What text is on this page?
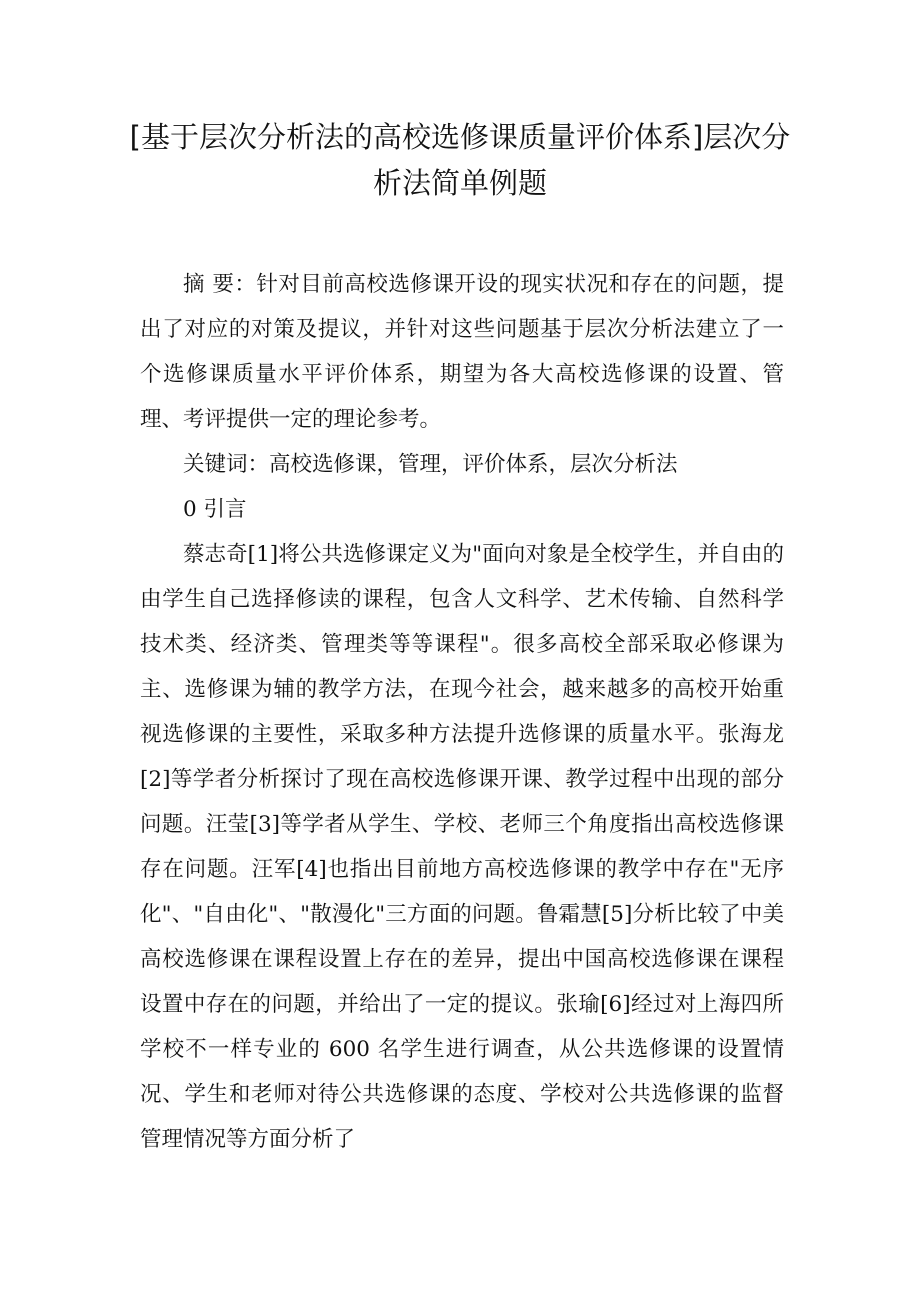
[基于层次分析法的高校选修课质量评价体系]层次分析法简单例题

摘 要：针对目前高校选修课开设的现实状况和存在的问题，提出了对应的对策及提议，并针对这些问题基于层次分析法建立了一个选修课质量水平评价体系，期望为各大高校选修课的设置、管理、考评提供一定的理论参考。

关键词：高校选修课，管理，评价体系，层次分析法

0 引言

蔡志奇[1]将公共选修课定义为"面向对象是全校学生，并自由的由学生自己选择修读的课程，包含人文科学、艺术传输、自然科学技术类、经济类、管理类等等课程"。很多高校全部采取必修课为主、选修课为辅的教学方法，在现今社会，越来越多的高校开始重视选修课的主要性，采取多种方法提升选修课的质量水平。张海龙[2]等学者分析探讨了现在高校选修课开课、教学过程中出现的部分问题。汪莹[3]等学者从学生、学校、老师三个角度指出高校选修课存在问题。汪军[4]也指出目前地方高校选修课的教学中存在"无序化"、"自由化"、"散漫化"三方面的问题。鲁霜慧[5]分析比较了中美高校选修课在课程设置上存在的差异，提出中国高校选修课在课程设置中存在的问题，并给出了一定的提议。张瑜[6]经过对上海四所学校不一样专业的 600 名学生进行调查，从公共选修课的设置情况、学生和老师对待公共选修课的态度、学校对公共选修课的监督管理情况等方面分析了
